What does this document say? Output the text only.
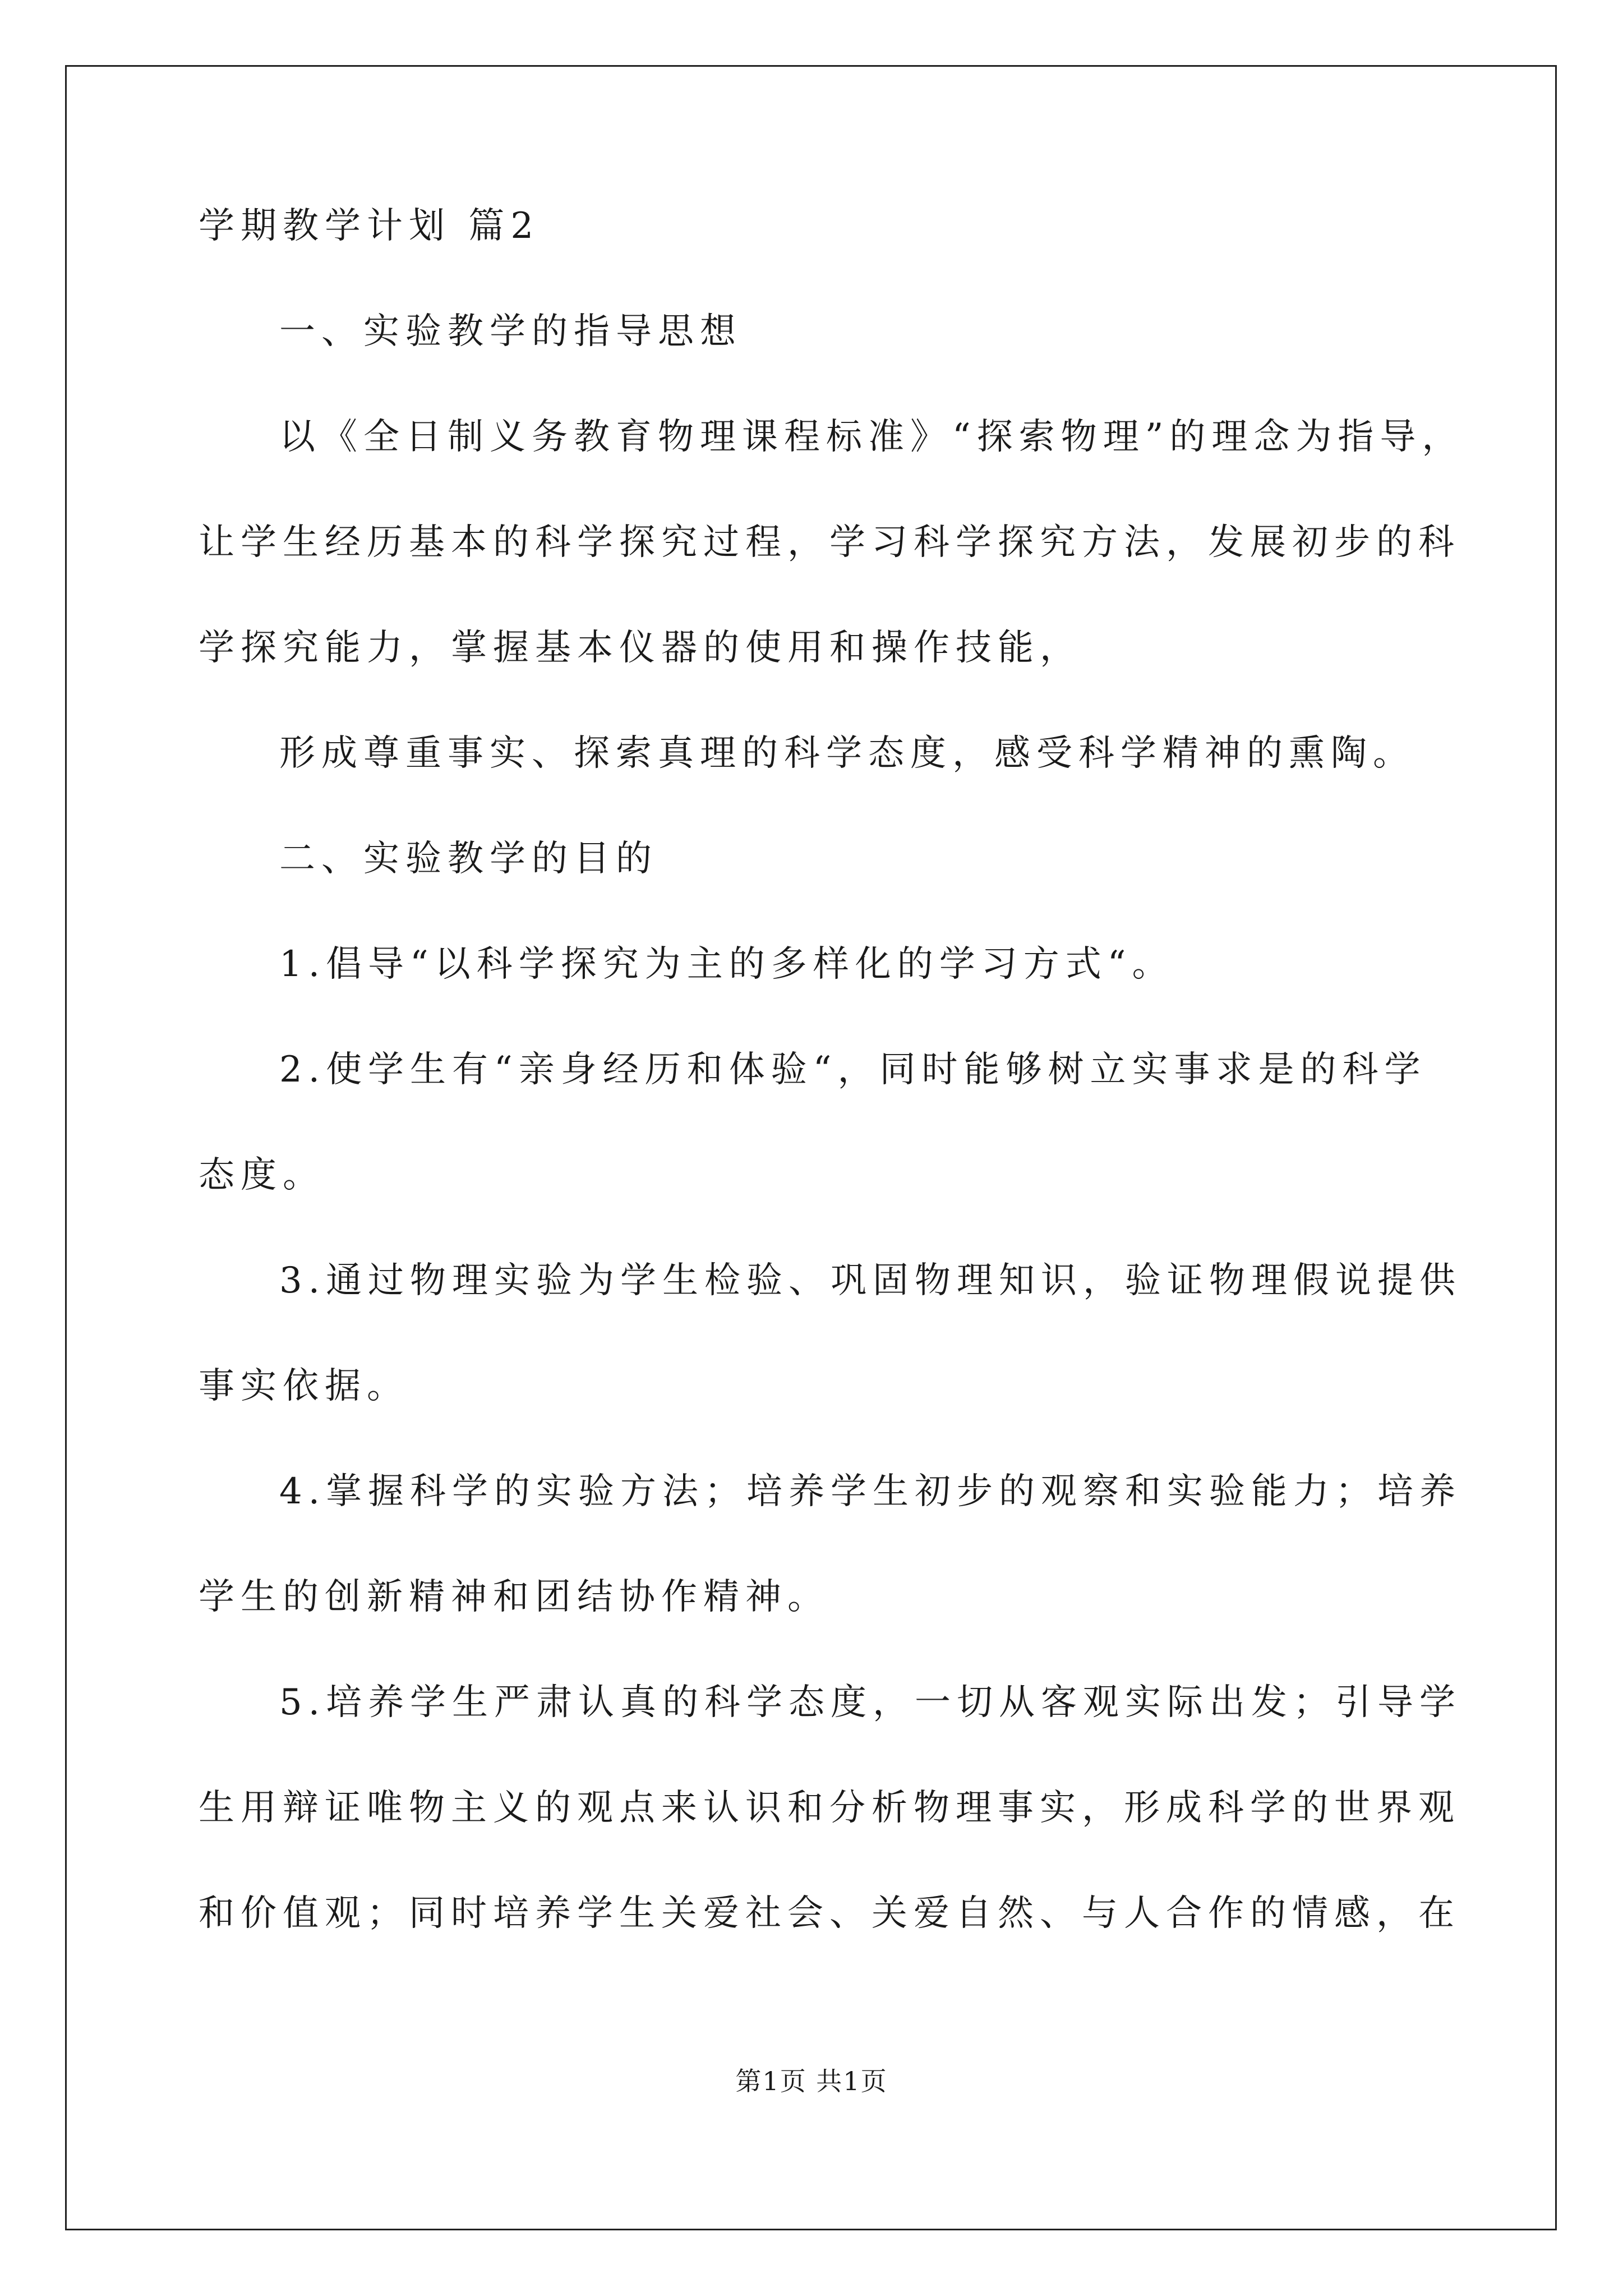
学期教学计划 篇2

一、实验教学的指导思想

以《全日制义务教育物理课程标准》“探索物理”的理念为指导，

让学生经历基本的科学探究过程，学习科学探究方法，发展初步的科

学探究能力，掌握基本仪器的使用和操作技能，

形成尊重事实、探索真理的科学态度，感受科学精神的熏陶。

二、实验教学的目的

1.倡导“以科学探究为主的多样化的学习方式“。

2.使学生有“亲身经历和体验“，同时能够树立实事求是的科学

态度。

3.通过物理实验为学生检验、巩固物理知识，验证物理假说提供

事实依据。

4.掌握科学的实验方法；培养学生初步的观察和实验能力；培养

学生的创新精神和团结协作精神。

5.培养学生严肃认真的科学态度，一切从客观实际出发；引导学

生用辩证唯物主义的观点来认识和分析物理事实，形成科学的世界观

和价值观；同时培养学生关爱社会、关爱自然、与人合作的情感，在

第1页 共1页
